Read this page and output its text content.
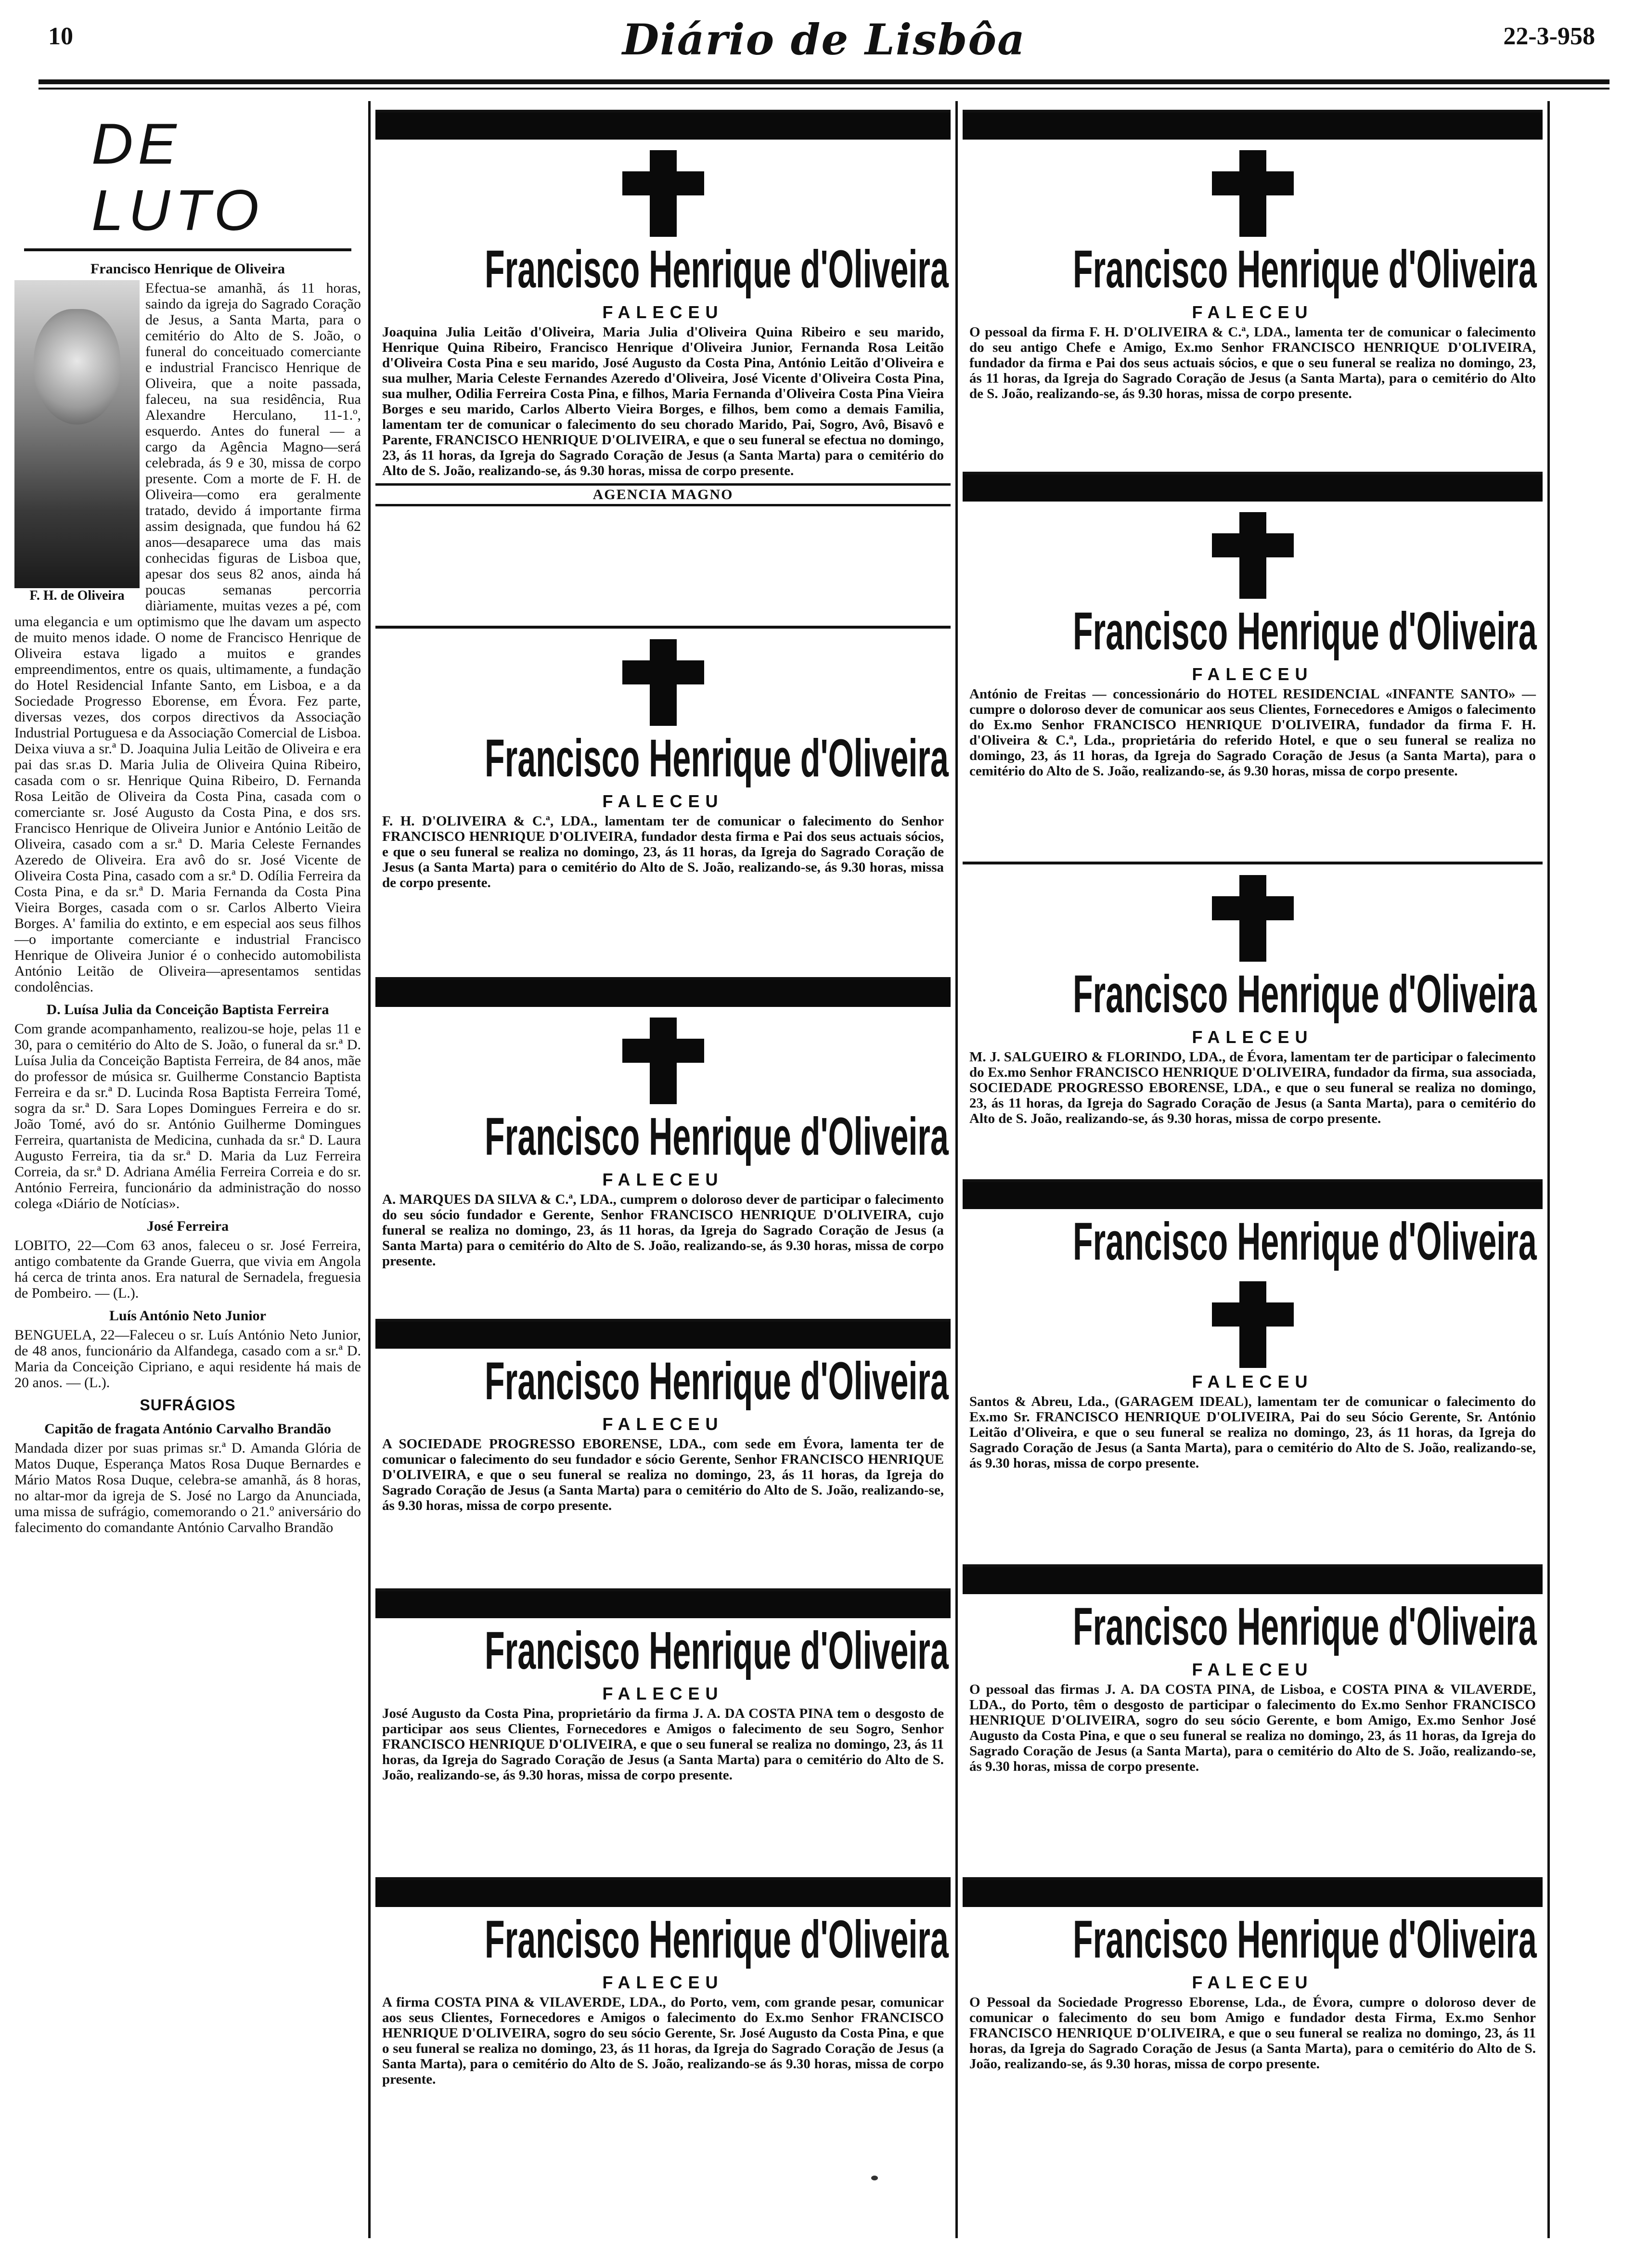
10	Diário de Lisbôa	22-3-958
DE LUTO
Francisco Henrique de Oliveira
F. H. de Oliveira

Efectua-se amanhã, ás 11 horas, saindo da igreja do Sagrado Coração de Jesus, a Santa Marta, para o cemitério do Alto de S. João, o funeral do conceituado comerciante e industrial Francisco Henrique de Oliveira, que a noite passada, faleceu, na sua residência, Rua Alexandre Herculano, 11-1.º, esquerdo. Antes do funeral — a cargo da Agência Magno—será celebrada, ás 9 e 30, missa de corpo presente. Com a morte de F. H. de Oliveira—como era geralmente tratado, devido á importante firma assim designada, que fundou há 62 anos—desaparece uma das mais conhecidas figuras de Lisboa que, apesar dos seus 82 anos, ainda há poucas semanas percorria diàriamente, muitas vezes a pé, com uma elegancia e um optimismo que lhe davam um aspecto de muito menos idade. O nome de Francisco Henrique de Oliveira estava ligado a muitos e grandes empreendimentos, entre os quais, ultimamente, a fundação do Hotel Residencial Infante Santo, em Lisboa, e a da Sociedade Progresso Eborense, em Évora. Fez parte, diversas vezes, dos corpos directivos da Associação Industrial Portuguesa e da Associação Comercial de Lisboa. Deixa viuva a sr.ª D. Joaquina Julia Leitão de Oliveira e era pai das sr.as D. Maria Julia de Oliveira Quina Ribeiro, casada com o sr. Henrique Quina Ribeiro, D. Fernanda Rosa Leitão de Oliveira da Costa Pina, casada com o comerciante sr. José Augusto da Costa Pina, e dos srs. Francisco Henrique de Oliveira Junior e António Leitão de Oliveira, casado com a sr.ª D. Maria Celeste Fernandes Azeredo de Oliveira. Era avô do sr. José Vicente de Oliveira Costa Pina, casado com a sr.ª D. Odília Ferreira da Costa Pina, e da sr.ª D. Maria Fernanda da Costa Pina Vieira Borges, casada com o sr. Carlos Alberto Vieira Borges. A' familia do extinto, e em especial aos seus filhos—o importante comerciante e industrial Francisco Henrique de Oliveira Junior é o conhecido automobilista António Leitão de Oliveira—apresentamos sentidas condolências.

D. Luísa Julia da Conceição Baptista Ferreira

Com grande acompanhamento, realizou-se hoje, pelas 11 e 30, para o cemitério do Alto de S. João, o funeral da sr.ª D. Luísa Julia da Conceição Baptista Ferreira, de 84 anos, mãe do professor de música sr. Guilherme Constancio Baptista Ferreira e da sr.ª D. Lucinda Rosa Baptista Ferreira Tomé, sogra da sr.ª D. Sara Lopes Domingues Ferreira e do sr. João Tomé, avó do sr. António Guilherme Domingues Ferreira, quartanista de Medicina, cunhada da sr.ª D. Laura Augusto Ferreira, tia da sr.ª D. Maria da Luz Ferreira Correia, da sr.ª D. Adriana Amélia Ferreira Correia e do sr. António Ferreira, funcionário da administração do nosso colega «Diário de Notícias».

José Ferreira

LOBITO, 22—Com 63 anos, faleceu o sr. José Ferreira, antigo combatente da Grande Guerra, que vivia em Angola há cerca de trinta anos. Era natural de Sernadela, freguesia de Pombeiro. — (L.).

Luís António Neto Junior

BENGUELA, 22—Faleceu o sr. Luís António Neto Junior, de 48 anos, funcionário da Alfandega, casado com a sr.ª D. Maria da Conceição Cipriano, e aqui residente há mais de 20 anos. — (L.).

SUFRÁGIOS
Capitão de fragata António Carvalho Brandão

Mandada dizer por suas primas sr.ª D. Amanda Glória de Matos Duque, Esperança Matos Rosa Duque Bernardes e Mário Matos Rosa Duque, celebra-se amanhã, ás 8 horas, no altar-mor da igreja de S. José no Largo da Anunciada, uma missa de sufrágio, comemorando o 21.º aniversário do falecimento do comandante António Carvalho Brandão

Francisco Henrique d'Oliveira
FALECEU

Joaquina Julia Leitão d'Oliveira, Maria Julia d'Oliveira Quina Ribeiro e seu marido, Henrique Quina Ribeiro, Francisco Henrique d'Oliveira Junior, Fernanda Rosa Leitão d'Oliveira Costa Pina e seu marido, José Augusto da Costa Pina, António Leitão d'Oliveira e sua mulher, Maria Celeste Fernandes Azeredo d'Oliveira, José Vicente d'Oliveira Costa Pina, sua mulher, Odilia Ferreira Costa Pina, e filhos, Maria Fernanda d'Oliveira Costa Pina Vieira Borges e seu marido, Carlos Alberto Vieira Borges, e filhos, bem como a demais Familia, lamentam ter de comunicar o falecimento do seu chorado Marido, Pai, Sogro, Avô, Bisavô e Parente, FRANCISCO HENRIQUE D'OLIVEIRA, e que o seu funeral se efectua no domingo, 23, ás 11 horas, da Igreja do Sagrado Coração de Jesus (a Santa Marta) para o cemitério do Alto de S. João, realizando-se, ás 9.30 horas, missa de corpo presente.

AGENCIA MAGNO
Francisco Henrique d'Oliveira
FALECEU

F. H. D'OLIVEIRA & C.ª, LDA., lamentam ter de comunicar o falecimento do Senhor FRANCISCO HENRIQUE D'OLIVEIRA, fundador desta firma e Pai dos seus actuais sócios, e que o seu funeral se realiza no domingo, 23, ás 11 horas, da Igreja do Sagrado Coração de Jesus (a Santa Marta) para o cemitério do Alto de S. João, realizando-se, ás 9.30 horas, missa de corpo presente.

Francisco Henrique d'Oliveira
FALECEU

A. MARQUES DA SILVA & C.ª, LDA., cumprem o doloroso dever de participar o falecimento do seu sócio fundador e Gerente, Senhor FRANCISCO HENRIQUE D'OLIVEIRA, cujo funeral se realiza no domingo, 23, ás 11 horas, da Igreja do Sagrado Coração de Jesus (a Santa Marta) para o cemitério do Alto de S. João, realizando-se, ás 9.30 horas, missa de corpo presente.

Francisco Henrique d'Oliveira
FALECEU

A SOCIEDADE PROGRESSO EBORENSE, LDA., com sede em Évora, lamenta ter de comunicar o falecimento do seu fundador e sócio Gerente, Senhor FRANCISCO HENRIQUE D'OLIVEIRA, e que o seu funeral se realiza no domingo, 23, ás 11 horas, da Igreja do Sagrado Coração de Jesus (a Santa Marta) para o cemitério do Alto de S. João, realizando-se, ás 9.30 horas, missa de corpo presente.

Francisco Henrique d'Oliveira
FALECEU

José Augusto da Costa Pina, proprietário da firma J. A. DA COSTA PINA tem o desgosto de participar aos seus Clientes, Fornecedores e Amigos o falecimento de seu Sogro, Senhor FRANCISCO HENRIQUE D'OLIVEIRA, e que o seu funeral se realiza no domingo, 23, ás 11 horas, da Igreja do Sagrado Coração de Jesus (a Santa Marta) para o cemitério do Alto de S. João, realizando-se, ás 9.30 horas, missa de corpo presente.

Francisco Henrique d'Oliveira
FALECEU

A firma COSTA PINA & VILAVERDE, LDA., do Porto, vem, com grande pesar, comunicar aos seus Clientes, Fornecedores e Amigos o falecimento do Ex.mo Senhor FRANCISCO HENRIQUE D'OLIVEIRA, sogro do seu sócio Gerente, Sr. José Augusto da Costa Pina, e que o seu funeral se realiza no domingo, 23, ás 11 horas, da Igreja do Sagrado Coração de Jesus (a Santa Marta), para o cemitério do Alto de S. João, realizando-se ás 9.30 horas, missa de corpo presente.

Francisco Henrique d'Oliveira
FALECEU

O pessoal da firma F. H. D'OLIVEIRA & C.ª, LDA., lamenta ter de comunicar o falecimento do seu antigo Chefe e Amigo, Ex.mo Senhor FRANCISCO HENRIQUE D'OLIVEIRA, fundador da firma e Pai dos seus actuais sócios, e que o seu funeral se realiza no domingo, 23, ás 11 horas, da Igreja do Sagrado Coração de Jesus (a Santa Marta), para o cemitério do Alto de S. João, realizando-se, ás 9.30 horas, missa de corpo presente.

Francisco Henrique d'Oliveira
FALECEU

António de Freitas — concessionário do HOTEL RESIDENCIAL «INFANTE SANTO» — cumpre o doloroso dever de comunicar aos seus Clientes, Fornecedores e Amigos o falecimento do Ex.mo Senhor FRANCISCO HENRIQUE D'OLIVEIRA, fundador da firma F. H. d'Oliveira & C.ª, Lda., proprietária do referido Hotel, e que o seu funeral se realiza no domingo, 23, ás 11 horas, da Igreja do Sagrado Coração de Jesus (a Santa Marta), para o cemitério do Alto de S. João, realizando-se, ás 9.30 horas, missa de corpo presente.

Francisco Henrique d'Oliveira
FALECEU

M. J. SALGUEIRO & FLORINDO, LDA., de Évora, lamentam ter de participar o falecimento do Ex.mo Senhor FRANCISCO HENRIQUE D'OLIVEIRA, fundador da firma, sua associada, SOCIEDADE PROGRESSO EBORENSE, LDA., e que o seu funeral se realiza no domingo, 23, ás 11 horas, da Igreja do Sagrado Coração de Jesus (a Santa Marta), para o cemitério do Alto de S. João, realizando-se, ás 9.30 horas, missa de corpo presente.

Francisco Henrique d'Oliveira
FALECEU

Santos & Abreu, Lda., (GARAGEM IDEAL), lamentam ter de comunicar o falecimento do Ex.mo Sr. FRANCISCO HENRIQUE D'OLIVEIRA, Pai do seu Sócio Gerente, Sr. António Leitão d'Oliveira, e que o seu funeral se realiza no domingo, 23, ás 11 horas, da Igreja do Sagrado Coração de Jesus (a Santa Marta), para o cemitério do Alto de S. João, realizando-se, ás 9.30 horas, missa de corpo presente.

Francisco Henrique d'Oliveira
FALECEU

O pessoal das firmas J. A. DA COSTA PINA, de Lisboa, e COSTA PINA & VILAVERDE, LDA., do Porto, têm o desgosto de participar o falecimento do Ex.mo Senhor FRANCISCO HENRIQUE D'OLIVEIRA, sogro do seu sócio Gerente, e bom Amigo, Ex.mo Senhor José Augusto da Costa Pina, e que o seu funeral se realiza no domingo, 23, ás 11 horas, da Igreja do Sagrado Coração de Jesus (a Santa Marta), para o cemitério do Alto de S. João, realizando-se, ás 9.30 horas, missa de corpo presente.

Francisco Henrique d'Oliveira
FALECEU

O Pessoal da Sociedade Progresso Eborense, Lda., de Évora, cumpre o doloroso dever de comunicar o falecimento do seu bom Amigo e fundador desta Firma, Ex.mo Senhor FRANCISCO HENRIQUE D'OLIVEIRA, e que o seu funeral se realiza no domingo, 23, ás 11 horas, da Igreja do Sagrado Coração de Jesus (a Santa Marta), para o cemitério do Alto de S. João, realizando-se, ás 9.30 horas, missa de corpo presente.
